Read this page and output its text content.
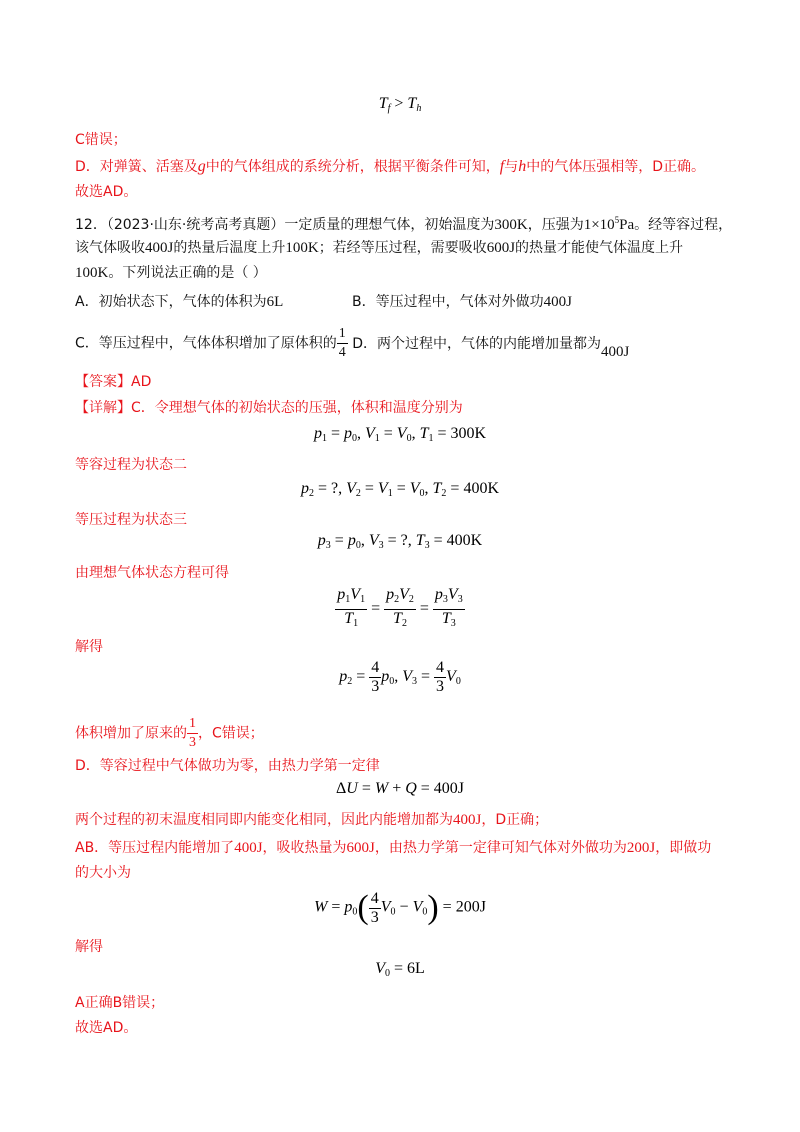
$T_f > T_h$
C错误；
D．对弹簧、活塞及g中的气体组成的系统分析，根据平衡条件可知，f与h中的气体压强相等，D正确。
故选AD。
12．（2023·山东·统考高考真题）一定质量的理想气体，初始温度为300K，压强为$1\times 10^5Pa$。经等容过程，
该气体吸收400J的热量后温度上升100K；若经等压过程，需要吸收600J的热量才能使气体温度上升
100K。下列说法正确的是（ ）
A．初始状态下，气体的体积为6L	B．等压过程中，气体对外做功400J
C．等压过程中，气体体积增加了原体积的 $\frac{1}{4}$ D．两个过程中，气体的内能增加量都为400J
【答案】AD
【详解】C．令理想气体的初始状态的压强，体积和温度分别为
$p_1 = p_0$, $V_1 = V_0$, $T_1 = 300K$
等容过程为状态二
$p_2$ = ?, $V_2 = V_1 = V_0$, $T_2 = 400K$
等压过程为状态三
$p_3 = p_0$, $V_3$ = ?, $T_3 = 400K$
由理想气体状态方程可得
$\frac{p_1V_1}{T_1} = \frac{p_2V_2}{T_2} = \frac{p_3V_3}{T_3}$
解得
$p_2 = \frac{4}{3} p_0$, $V_3 = \frac{4}{3} V_0$
体积增加了原来的 $\frac{1}{3}$ ，C错误；
D．等容过程中气体做功为零，由热力学第一定律
ΔU = W + Q = 400J
两个过程的初末温度相同即内能变化相同，因此内能增加都为400J，D正确；
AB．等压过程内能增加了400J，吸收热量为600J，由热力学第一定律可知气体对外做功为200J，即做功
的大小为
$W = p_0( \frac{4}{3} V_0 - V_0) = 200J$
解得
$V_0 = 6L$
A正确B错误；
故选AD。
